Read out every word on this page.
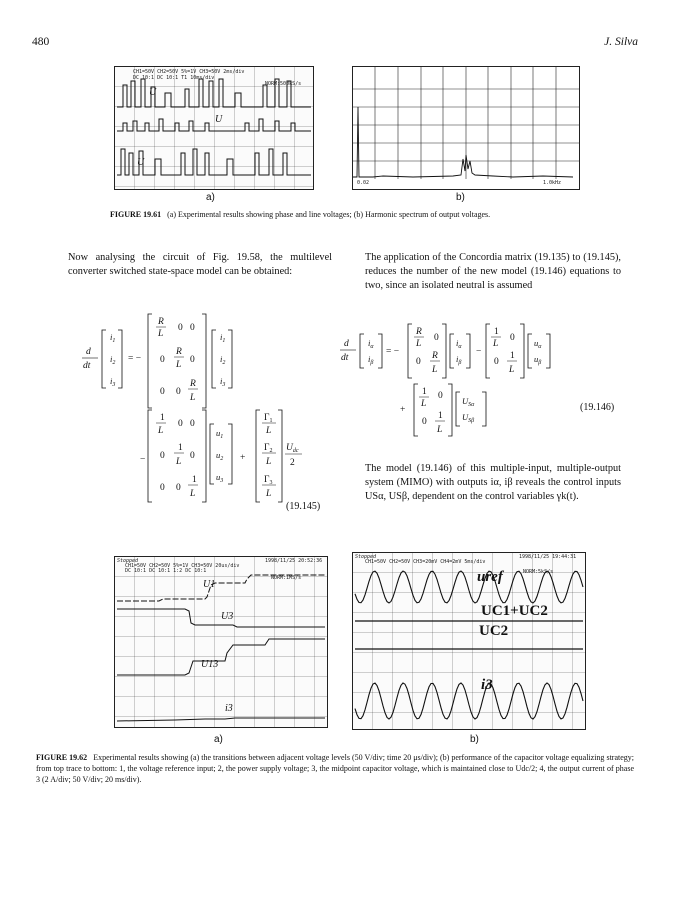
480	J. Silva
CH1=50V CH2=50V 5%=1V CH3=50V 2ms/div
DC 10:1 DC 10:1 T1 10ms/div
NORM:500kS/s
U
U
U
a)
0.02	1.0kHz
b)
FIGURE 19.61 (a) Experimental results showing phase and line voltages; (b) Harmonic spectrum of output voltages.
Now analysing the circuit of Fig. 19.58, the multilevel converter switched state-space model can be obtained:
d
dt
$i_1$
$i_2$
$i_3$
= −
R
L
0 0
0
R
L 0
0 0
R
L
$i_1$
$i_2$
$i_3$
−
1
L
0 0
0
1
L
0
0 0
1
L
$u_1$
$u_2$
$u_3$
+
$\Gamma_1$
L
$\Gamma_2$
L
$\Gamma_3$
L
$U_{dc}$
2
(19.145)
The application of the Concordia matrix (19.135) to (19.145), reduces the number of the new model (19.146) equations to two, since an isolated neutral is assumed
d
dt
$i_\alpha$
$i_\beta$
= −
R
L
0
0
R
L
$i_\alpha$
$i_\beta$
−
1
L
0
0
1
L
$u_\alpha$
$u_\beta$
+
1
L
0
0
1
L
$U_{S\alpha}$
$U_{S\beta}$
(19.146)
The model (19.146) of this multiple-input, multiple-output system (MIMO) with outputs iα, iβ reveals the control inputs USα, USβ, dependent on the control variables γk(t).
Stopped	1998/11/25 20:52:36
CH1=50V CH2=50V 5%=1V CH3=50V 20us/div
DC 10:1 DC 10:1 1:2 DC 10:1
NORM:1MS/s
U1
U3
U13
i3
a)
Stopped	1998/11/25 19:44:31
CH1=50V CH2=50V CH3=20mV CH4=2mV 5ms/div
NORM:5kS/s
uref
UC1+UC2
UC2
i3
b)
FIGURE 19.62 Experimental results showing (a) the transitions between adjacent voltage levels (50 V/div; time 20 μs/div); (b) performance of the capacitor voltage equalizing strategy; from top trace to bottom: 1, the voltage reference input; 2, the power supply voltage; 3, the midpoint capacitor voltage, which is maintained close to Udc/2; 4, the output current of phase 3 (2 A/div; 50 V/div; 20 ms/div).
